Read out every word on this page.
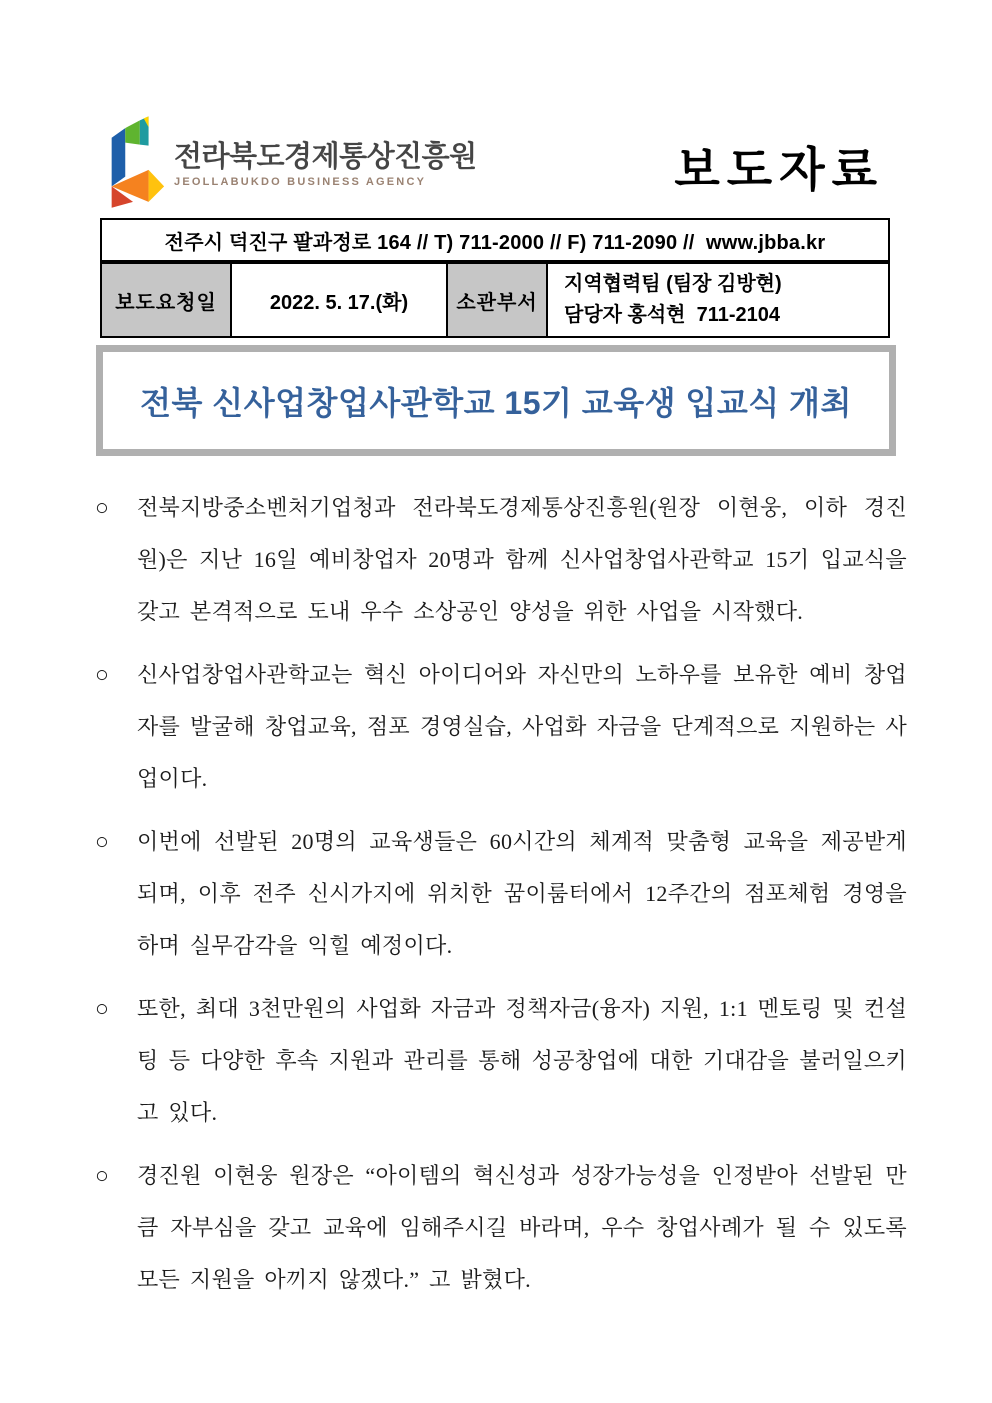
전라북도경제통상진흥원
JEOLLABUKDO BUSINESS AGENCY	보도자료
전주시 덕진구 팔과정로 164 // T) 711-2000 // F) 711-2090 //  www.jbba.kr
보도요청일	2022. 5. 17.(화)	소관부서	
지역협력팀 (팀장 김방현)
담당자 홍석현  711-2104
전북 신사업창업사관학교 15기 교육생 입교식 개최
○	전북지방중소벤처기업청과 전라북도경제통상진흥원(원장 이현웅, 이하 경진원)은 지난 16일 예비창업자 20명과 함께 신사업창업사관학교 15기 입교식을 갖고 본격적으로 도내 우수 소상공인 양성을 위한 사업을 시작했다.
○	신사업창업사관학교는 혁신 아이디어와 자신만의 노하우를 보유한 예비 창업자를 발굴해 창업교육, 점포 경영실습, 사업화 자금을 단계적으로 지원하는 사업이다.
○	이번에 선발된 20명의 교육생들은 60시간의 체계적 맞춤형 교육을 제공받게 되며, 이후 전주 신시가지에 위치한 꿈이룸터에서 12주간의 점포체험 경영을 하며 실무감각을 익힐 예정이다.
○	또한, 최대 3천만원의 사업화 자금과 정책자금(융자) 지원, 1:1 멘토링 및 컨설팅 등 다양한 후속 지원과 관리를 통해 성공창업에 대한 기대감을 불러일으키고 있다.
○	경진원 이현웅 원장은 “아이템의 혁신성과 성장가능성을 인정받아 선발된 만큼 자부심을 갖고 교육에 임해주시길 바라며, 우수 창업사례가 될 수 있도록 모든 지원을 아끼지 않겠다.” 고 밝혔다.
